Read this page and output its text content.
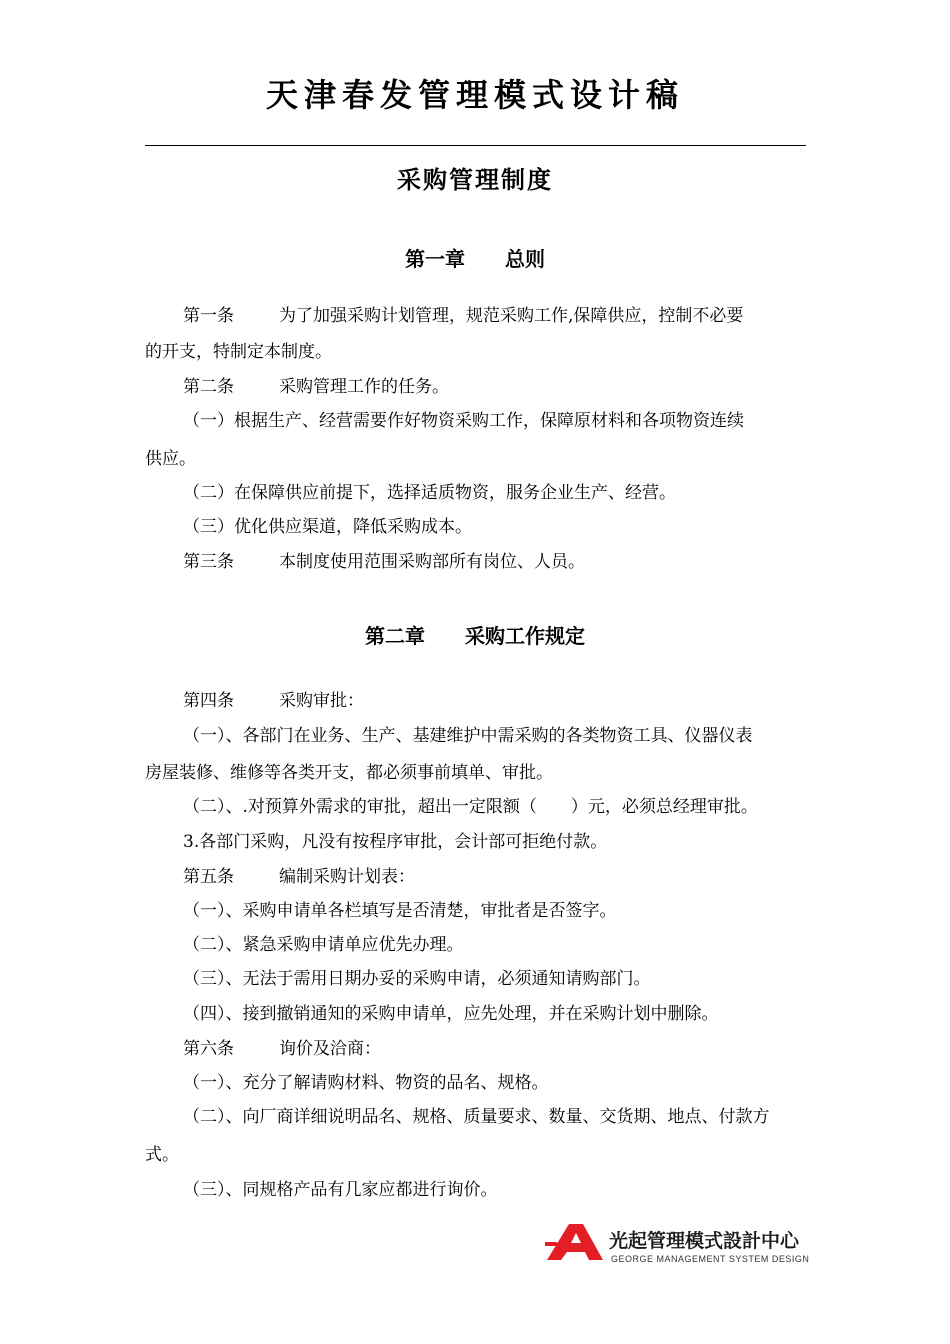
天津春发管理模式设计稿
采购管理制度
第一章 总则
第一条	为了加强采购计划管理，规范采购工作,保障供应，控制不必要
的开支，特制定本制度。
第二条	采购管理工作的任务。
（一）根据生产、经营需要作好物资采购工作，保障原材料和各项物资连续
供应。
（二）在保障供应前提下，选择适质物资，服务企业生产、经营。
（三）优化供应渠道，降低采购成本。
第三条	本制度使用范围采购部所有岗位、人员。
第二章 采购工作规定
第四条	采购审批：
（一）、各部门在业务、生产、基建维护中需采购的各类物资工具、仪器仪表
房屋装修、维修等各类开支，都必须事前填单、审批。
（二）、.对预算外需求的审批，超出一定限额（　　）元，必须总经理审批。
3.各部门采购，凡没有按程序审批，会计部可拒绝付款。
第五条	编制采购计划表：
（一）、采购申请单各栏填写是否清楚，审批者是否签字。
（二）、紧急采购申请单应优先办理。
（三）、无法于需用日期办妥的采购申请，必须通知请购部门。
（四）、接到撤销通知的采购申请单，应先处理，并在采购计划中删除。
第六条	询价及洽商：
（一）、充分了解请购材料、物资的品名、规格。
（二）、向厂商详细说明品名、规格、质量要求、数量、交货期、地点、付款方
式。
（三）、同规格产品有几家应都进行询价。
光起管理模式設計中心
GEORGE MANAGEMENT SYSTEM DESIGN
